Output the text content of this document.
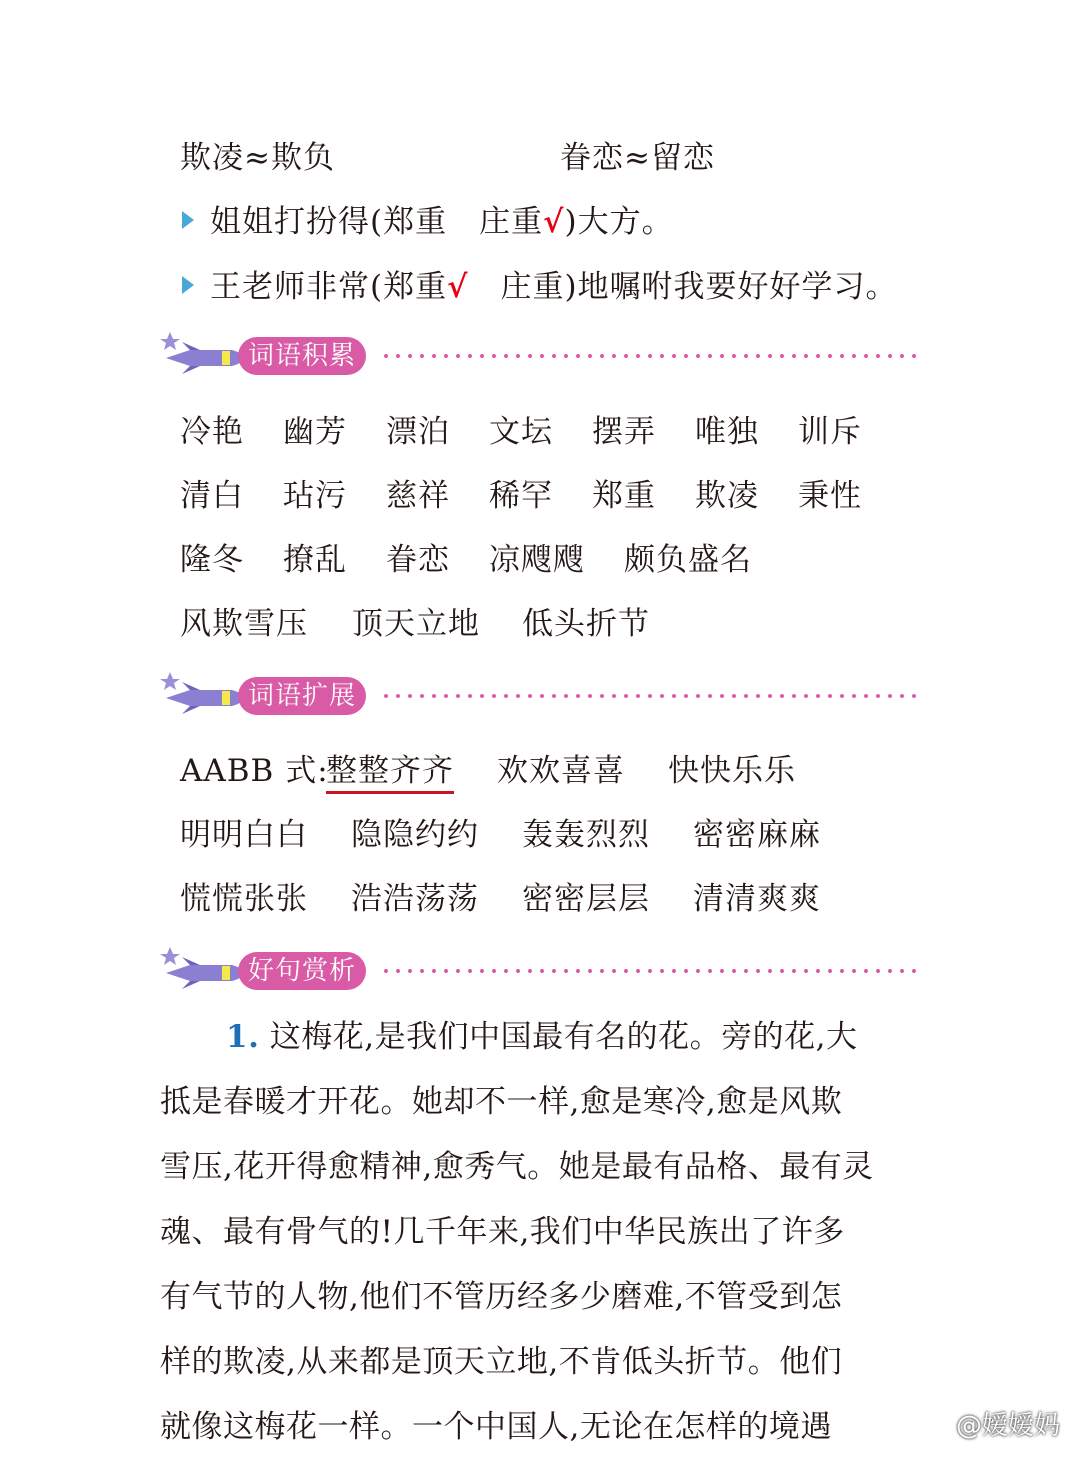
欺凌≈欺负	眷恋≈留恋
姐姐打扮得(郑重　庄重√)大方。
王老师非常(郑重√　庄重)地嘱咐我要好好学习。
词语积累
冷艳 幽芳 漂泊 文坛 摆弄 唯独 训斥
清白 玷污 慈祥 稀罕 郑重 欺凌 秉性
隆冬 撩乱 眷恋 凉飕飕 颇负盛名
风欺雪压 顶天立地 低头折节
词语扩展
AABB 式:
整整齐齐 欢欢喜喜 快快乐乐
明明白白 隐隐约约 轰轰烈烈 密密麻麻
慌慌张张 浩浩荡荡 密密层层 清清爽爽
好句赏析
1. 这梅花,是我们中国最有名的花。旁的花,大
抵是春暖才开花。她却不一样,愈是寒冷,愈是风欺
雪压,花开得愈精神,愈秀气。她是最有品格、最有灵
魂、最有骨气的!几千年来,我们中华民族出了许多
有气节的人物,他们不管历经多少磨难,不管受到怎
样的欺凌,从来都是顶天立地,不肯低头折节。他们
就像这梅花一样。一个中国人,无论在怎样的境遇	@嫒嫒妈
